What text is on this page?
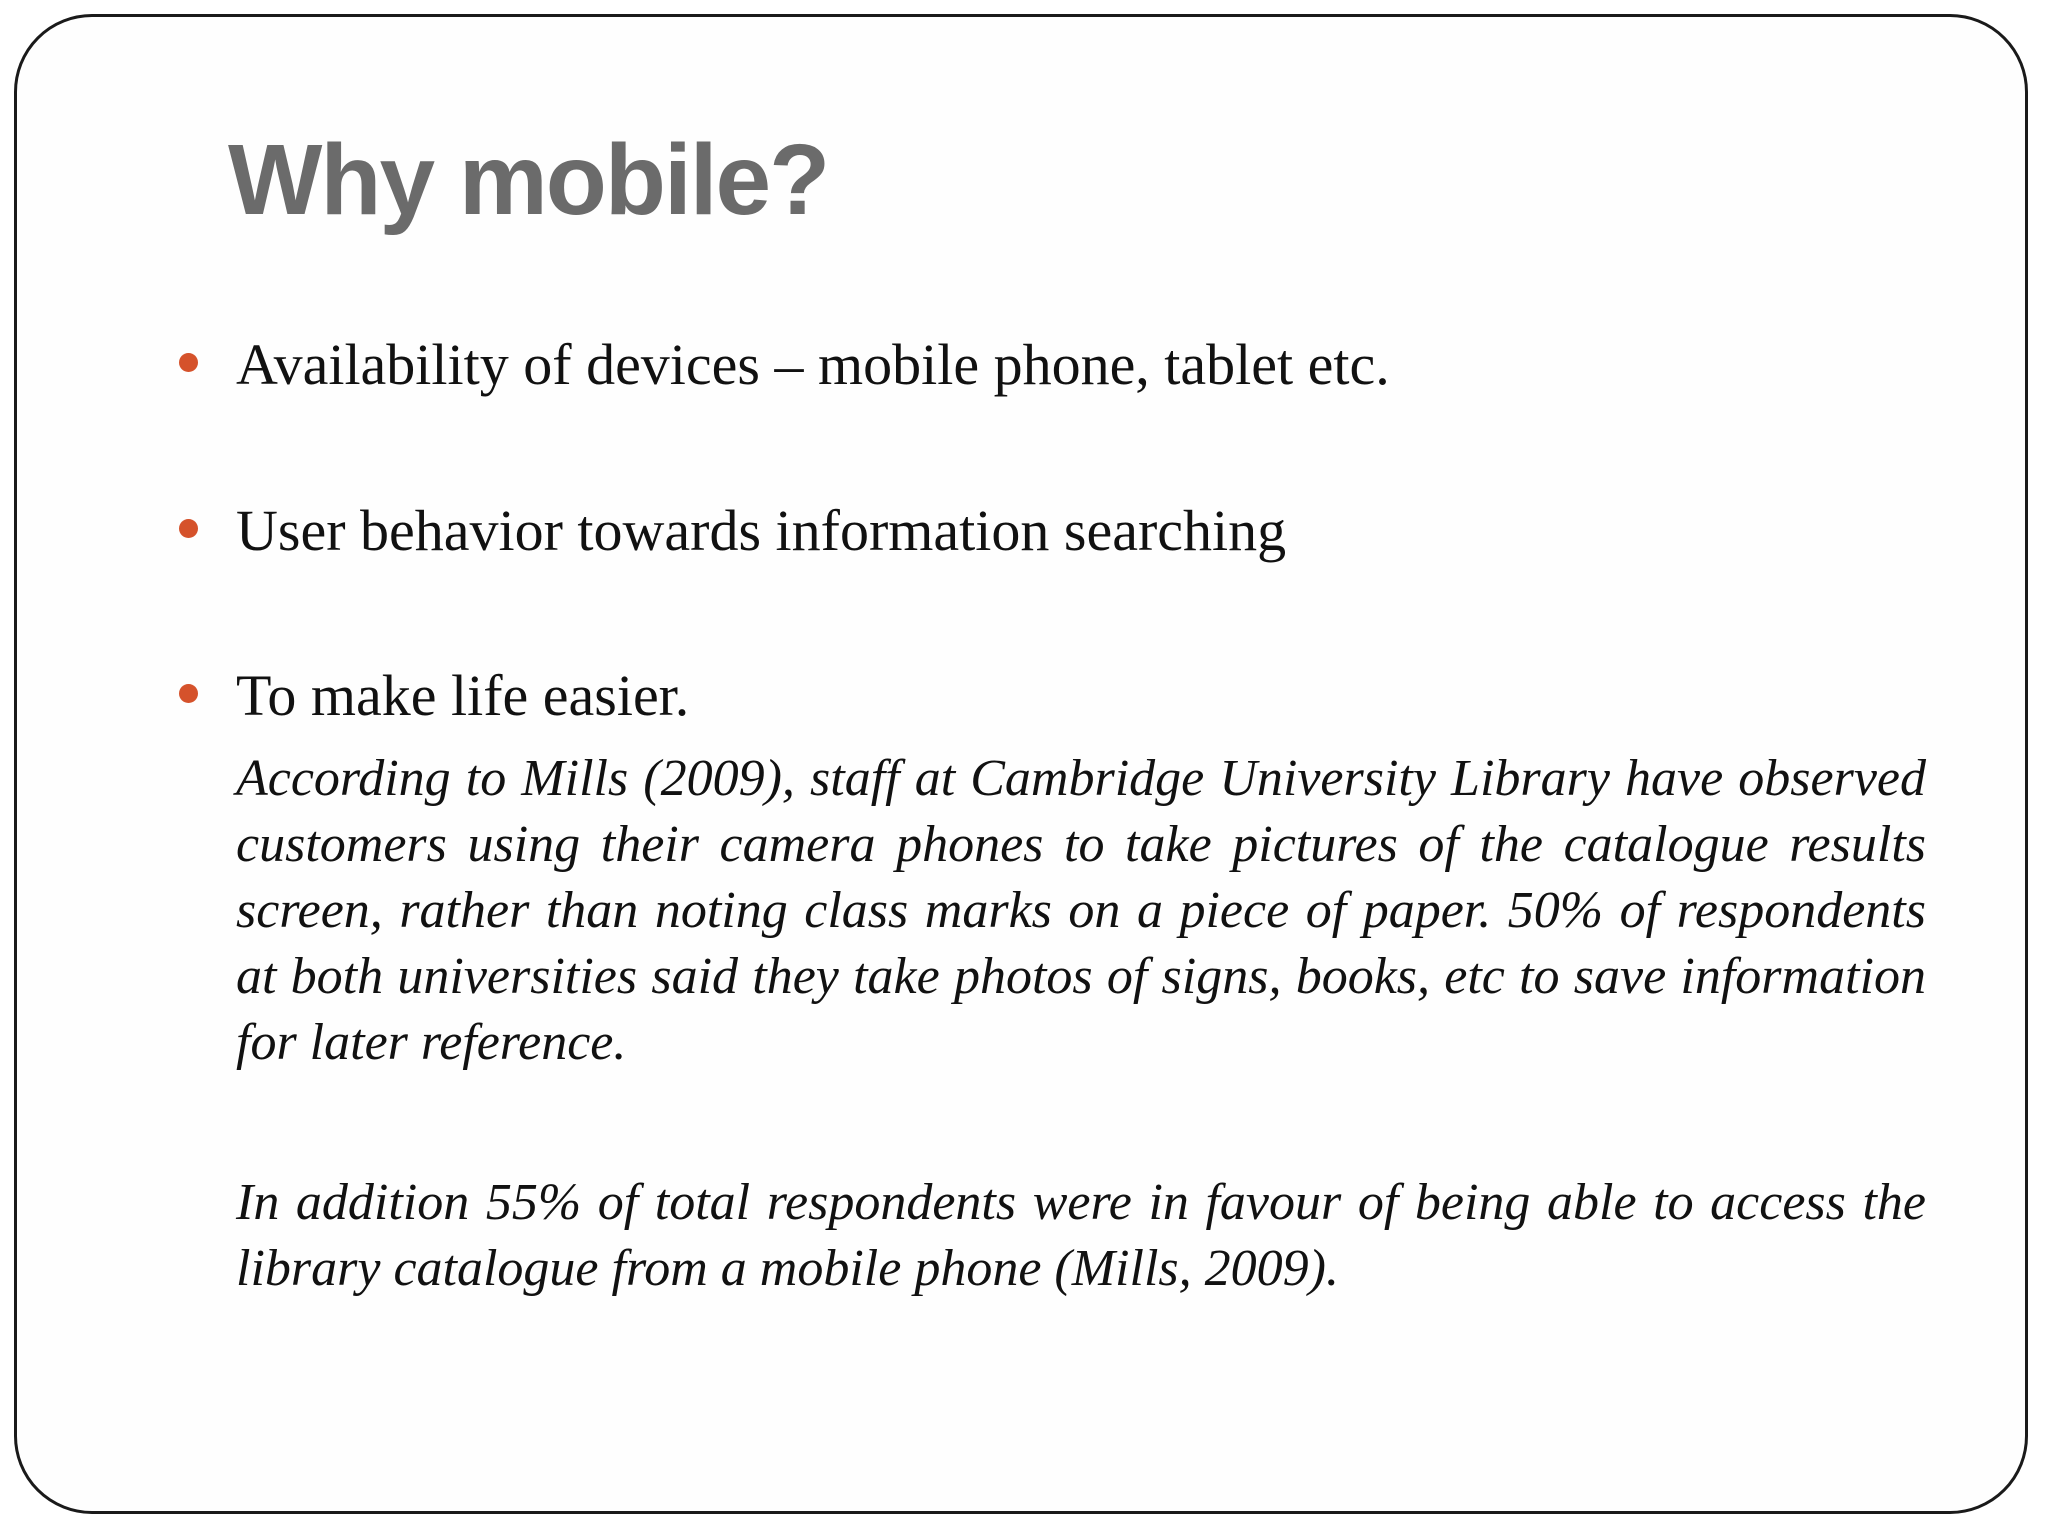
Why mobile?
Availability of devices – mobile phone, tablet etc.
User behavior towards information searching
To make life easier.

According to Mills (2009), staff at Cambridge University Library have observed customers using their camera phones to take pictures of the catalogue results screen, rather than noting class marks on a piece of paper. 50% of respondents at both universities said they take photos of signs, books, etc to save information for later reference.

In addition 55% of total respondents were in favour of being able to access the library catalogue from a mobile phone (Mills, 2009).
